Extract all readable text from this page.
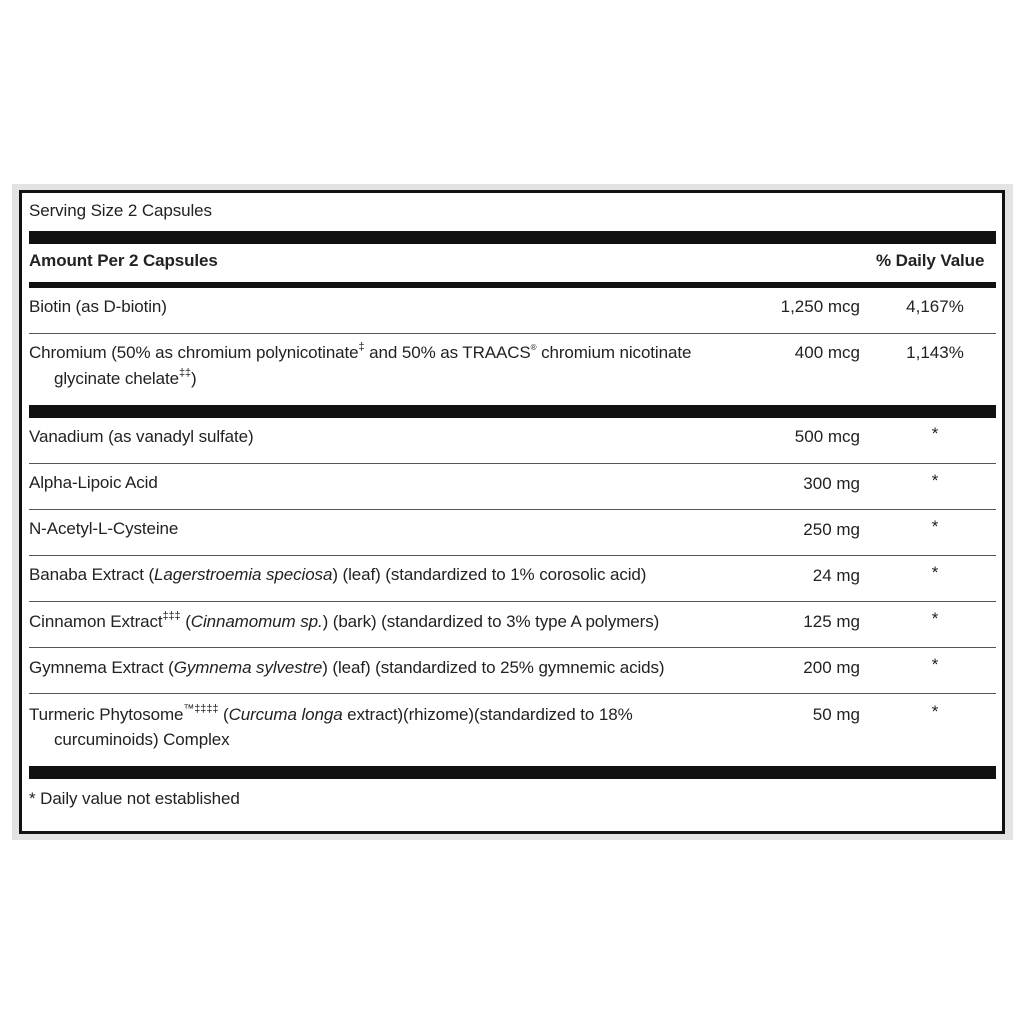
Serving Size 2 Capsules
Amount Per 2 Capsules	% Daily Value
Biotin (as D-biotin)	1,250 mcg	4,167%
Chromium (50% as chromium polynicotinate‡ and 50% as TRAACS® chromium nicotinate
glycinate chelate‡‡)
400 mcg	1,143%
Vanadium (as vanadyl sulfate)	500 mcg	*
Alpha-Lipoic Acid	300 mg	*
N-Acetyl-L-Cysteine	250 mg	*
Banaba Extract (Lagerstroemia speciosa) (leaf) (standardized to 1% corosolic acid)	24 mg	*
Cinnamon Extract‡‡‡ (Cinnamomum sp.) (bark) (standardized to 3% type A polymers)	125 mg	*
Gymnema Extract (Gymnema sylvestre) (leaf) (standardized to 25% gymnemic acids)	200 mg	*
Turmeric Phytosome™‡‡‡‡ (Curcuma longa extract)(rhizome)(standardized to 18%
curcuminoids) Complex
50 mg	*
* Daily value not established
